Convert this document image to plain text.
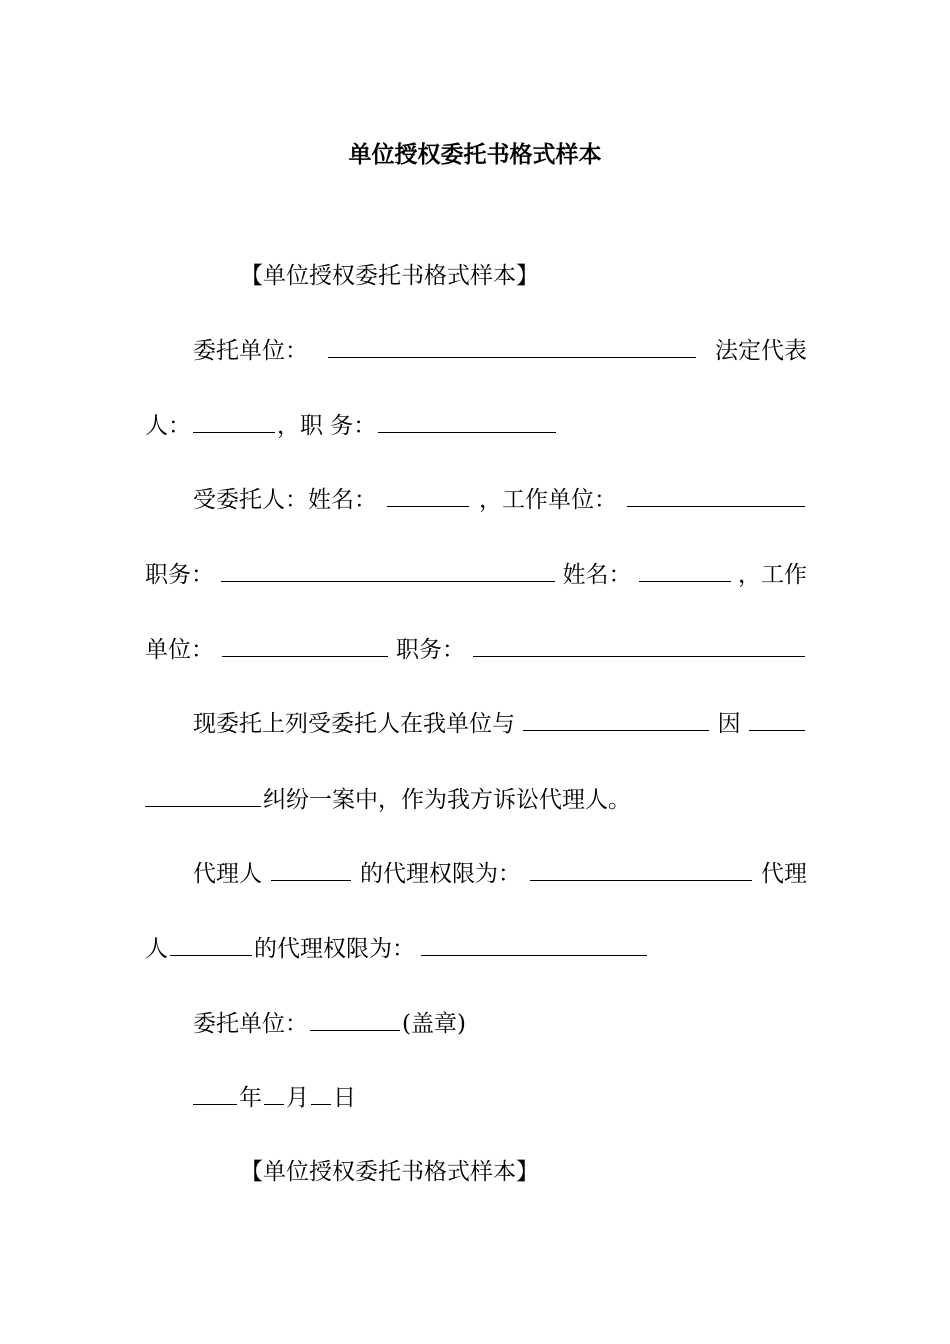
单位授权委托书格式样本
【单位授权委托书格式样本】
委托单位：	法定代表
人：	，职 务：
受委托人：姓名：	，工作单位：
职务：	姓名：	，工作
单位：	职务：
现委托上列受委托人在我单位与	因
纠纷一案中，作为我方诉讼代理人。
代理人	的代理权限为：	代理
人	的代理权限为：
委托单位：	(盖章)
年 月 日
【单位授权委托书格式样本】
